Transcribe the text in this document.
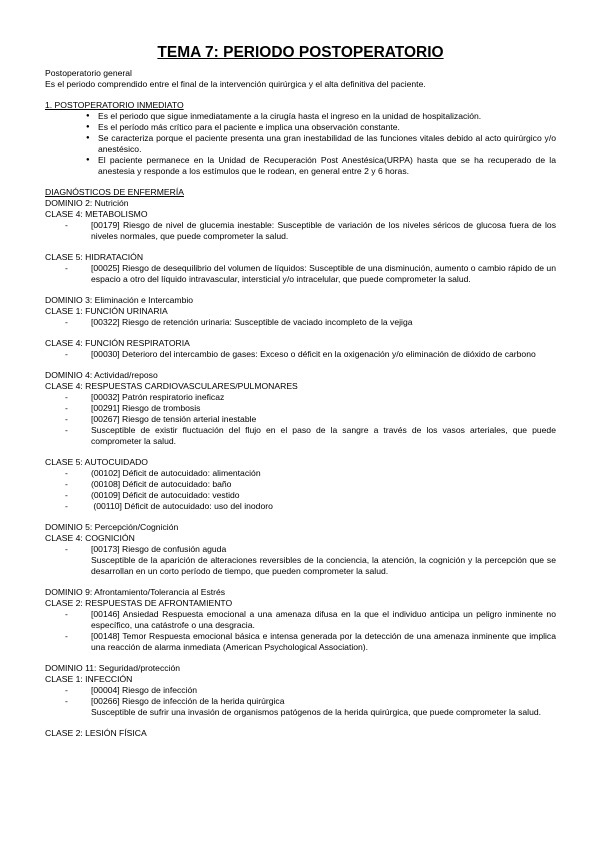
TEMA 7: PERIODO POSTOPERATORIO

Postoperatorio general

Es el periodo comprendido entre el final de la intervención quirúrgica y el alta definitiva del paciente.

1. POSTOPERATORIO INMEDIATO

● Es el periodo que sigue inmediatamente a la cirugía hasta el ingreso en la unidad de hospitalización.
● Es el período más crítico para el paciente e implica una observación constante.
● Se caracteriza porque el paciente presenta una gran inestabilidad de las funciones vitales debido al acto quirúrgico y/o anestésico.
● El paciente permanece en la Unidad de Recuperación Post Anestésica(URPA) hasta que se ha recuperado de la anestesia y responde a los estímulos que le rodean, en general entre 2 y 6 horas.

DIAGNÓSTICOS DE ENFERMERÍA

DOMINIO 2: Nutrición

CLASE 4: METABOLISMO

- [00179] Riesgo de nivel de glucemia inestable: Susceptible de variación de los niveles séricos de glucosa fuera de los niveles normales, que puede comprometer la salud.

CLASE 5: HIDRATACIÓN

- [00025] Riesgo de desequilibrio del volumen de líquidos: Susceptible de una disminución, aumento o cambio rápido de un espacio a otro del líquido intravascular, intersticial y/o intracelular, que puede comprometer la salud.

DOMINIO 3: Eliminación e Intercambio

CLASE 1: FUNCIÓN URINARIA

- [00322] Riesgo de retención urinaria: Susceptible de vaciado incompleto de la vejiga

CLASE 4: FUNCIÓN RESPIRATORIA

- [00030] Deterioro del intercambio de gases: Exceso o déficit en la oxigenación y/o eliminación de dióxido de carbono

DOMINIO 4: Actividad/reposo

CLASE 4: RESPUESTAS CARDIOVASCULARES/PULMONARES

- [00032] Patrón respiratorio ineficaz
- [00291] Riesgo de trombosis
- [00267] Riesgo de tensión arterial inestable
- Susceptible de existir fluctuación del flujo en el paso de la sangre a través de los vasos arteriales, que puede comprometer la salud.

CLASE 5: AUTOCUIDADO

- (00102] Déficit de autocuidado: alimentación
- (00108] Déficit de autocuidado: baño
- (00109] Déficit de autocuidado: vestido
-  (00110] Déficit de autocuidado: uso del inodoro

DOMINIO 5: Percepción/Cognición

CLASE 4: COGNICIÓN

- [00173] Riesgo de confusión aguda

Susceptible de la aparición de alteraciones reversibles de la conciencia, la atención, la cognición y la percepción que se desarrollan en un corto período de tiempo, que pueden comprometer la salud.

DOMINIO 9: Afrontamiento/Tolerancia al Estrés

CLASE 2: RESPUESTAS DE AFRONTAMIENTO

- [00146] Ansiedad Respuesta emocional a una amenaza difusa en la que el individuo anticipa un peligro inminente no específico, una catástrofe o una desgracia.
- [00148] Temor Respuesta emocional básica e intensa generada por la detección de una amenaza inminente que implica una reacción de alarma inmediata (American Psychological Association).

DOMINIO 11: Seguridad/protección

CLASE 1: INFECCIÓN

- [00004] Riesgo de infección
- [00266] Riesgo de infección de la herida quirúrgica

Susceptible de sufrir una invasión de organismos patógenos de la herida quirúrgica, que puede comprometer la salud.

CLASE 2: LESIÓN FÍSICA
